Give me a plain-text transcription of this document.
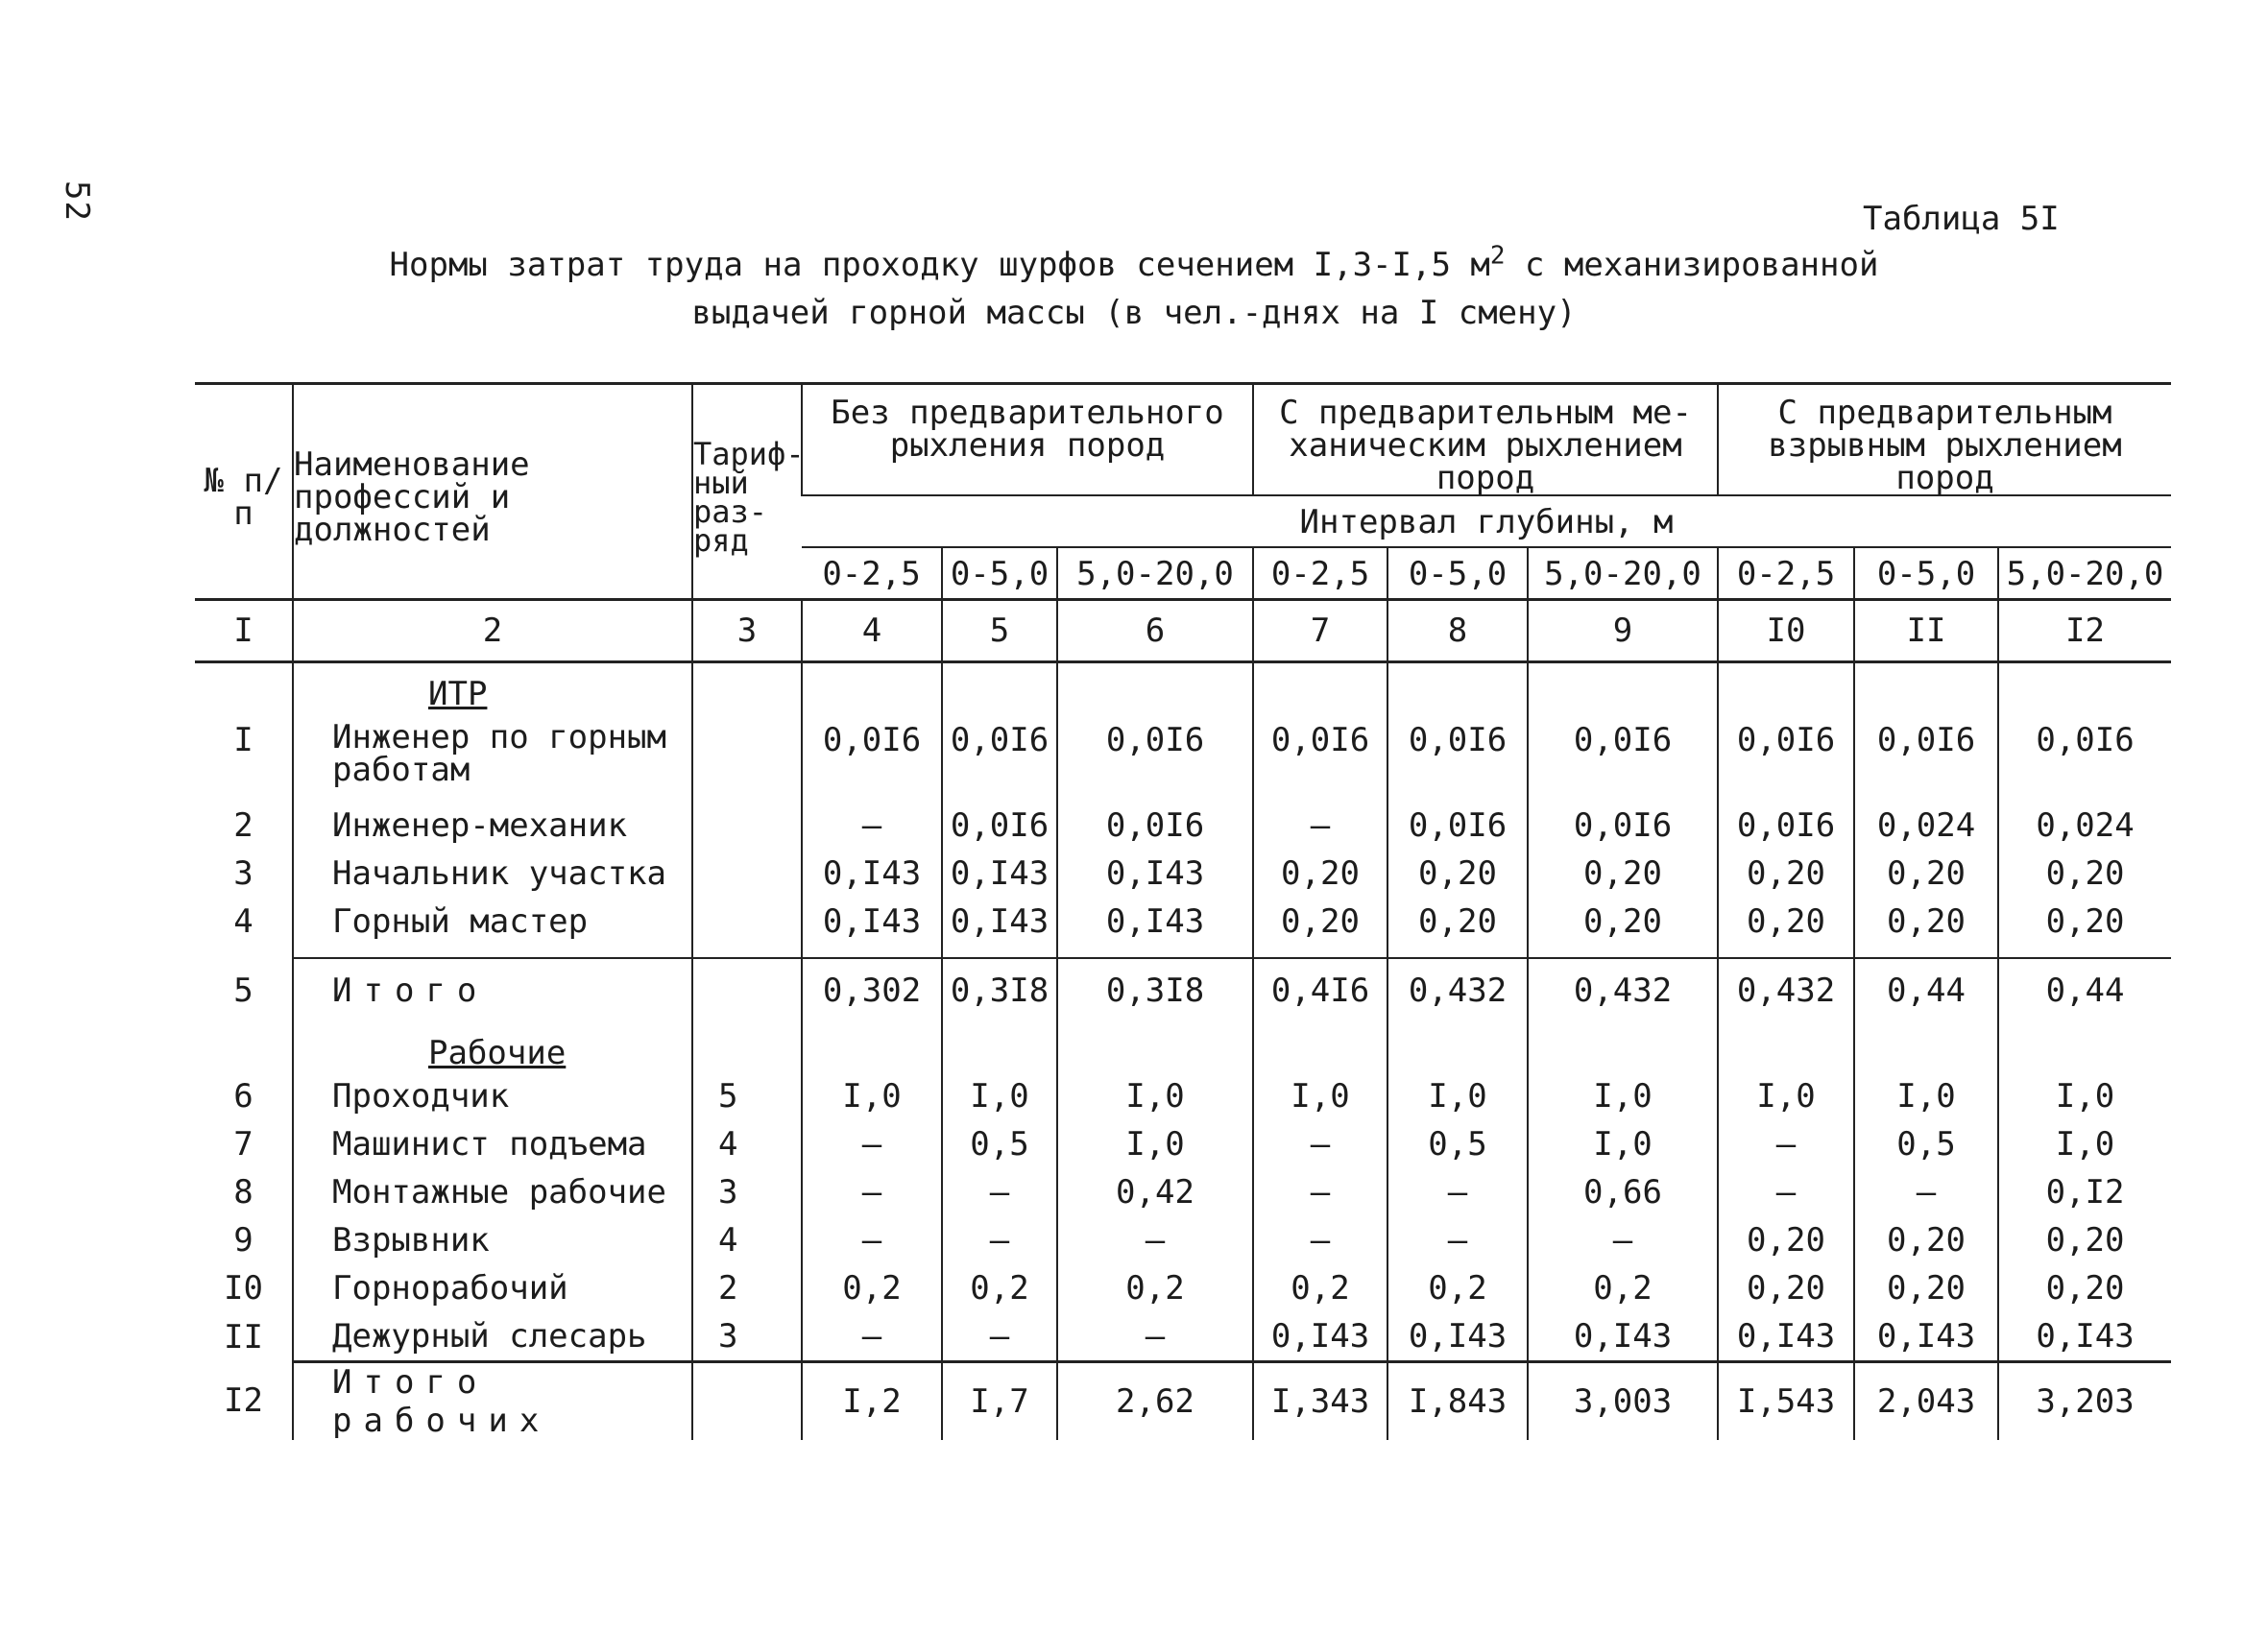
52	Таблица 5I
Нормы затрат труда на проходку шурфов сечением I,3-I,5 $м^2$ с механизированной
выдачей горной массы (в чел.-днях на I смену)
№ п/п	Наименование профессий и должностей	Тариф-ный раз-ряд	Без предварительного рыхления пород			С предварительным ме-ханическим рыхлением пород			С предварительным взрывным рыхлением пород		
			Интервал глубины, м								
			0-2,5	0-5,0	5,0-20,0	0-2,5	0-5,0	5,0-20,0	0-2,5	0-5,0	5,0-20,0
I	2	3	4	5	6	7	8	9	I0	II	I2
	ИТР										
I	Инженер по горным работам		0,0I6	0,0I6	0,0I6	0,0I6	0,0I6	0,0I6	0,0I6	0,0I6	0,0I6
2	Инженер-механик		–	0,0I6	0,0I6	–	0,0I6	0,0I6	0,0I6	0,024	0,024
3	Начальник участка		0,I43	0,I43	0,I43	0,20	0,20	0,20	0,20	0,20	0,20
4	Горный мастер		0,I43	0,I43	0,I43	0,20	0,20	0,20	0,20	0,20	0,20

5	Итого		0,302	0,3I8	0,3I8	0,4I6	0,432	0,432	0,432	0,44	0,44
	Рабочие										
6	Проходчик	5	I,0	I,0	I,0	I,0	I,0	I,0	I,0	I,0	I,0
7	Машинист подъема	4	–	0,5	I,0	–	0,5	I,0	–	0,5	I,0
8	Монтажные рабочие	3	–	–	0,42	–	–	0,66	–	–	0,I2
9	Взрывник	4	–	–	–	–	–	–	0,20	0,20	0,20
I0	Горнорабочий	2	0,2	0,2	0,2	0,2	0,2	0,2	0,20	0,20	0,20
II	Дежурный слесарь	3	–	–	–	0,I43	0,I43	0,I43	0,I43	0,I43	0,I43
I2	Итого рабочих		I,2	I,7	2,62	I,343	I,843	3,003	I,543	2,043	3,203
